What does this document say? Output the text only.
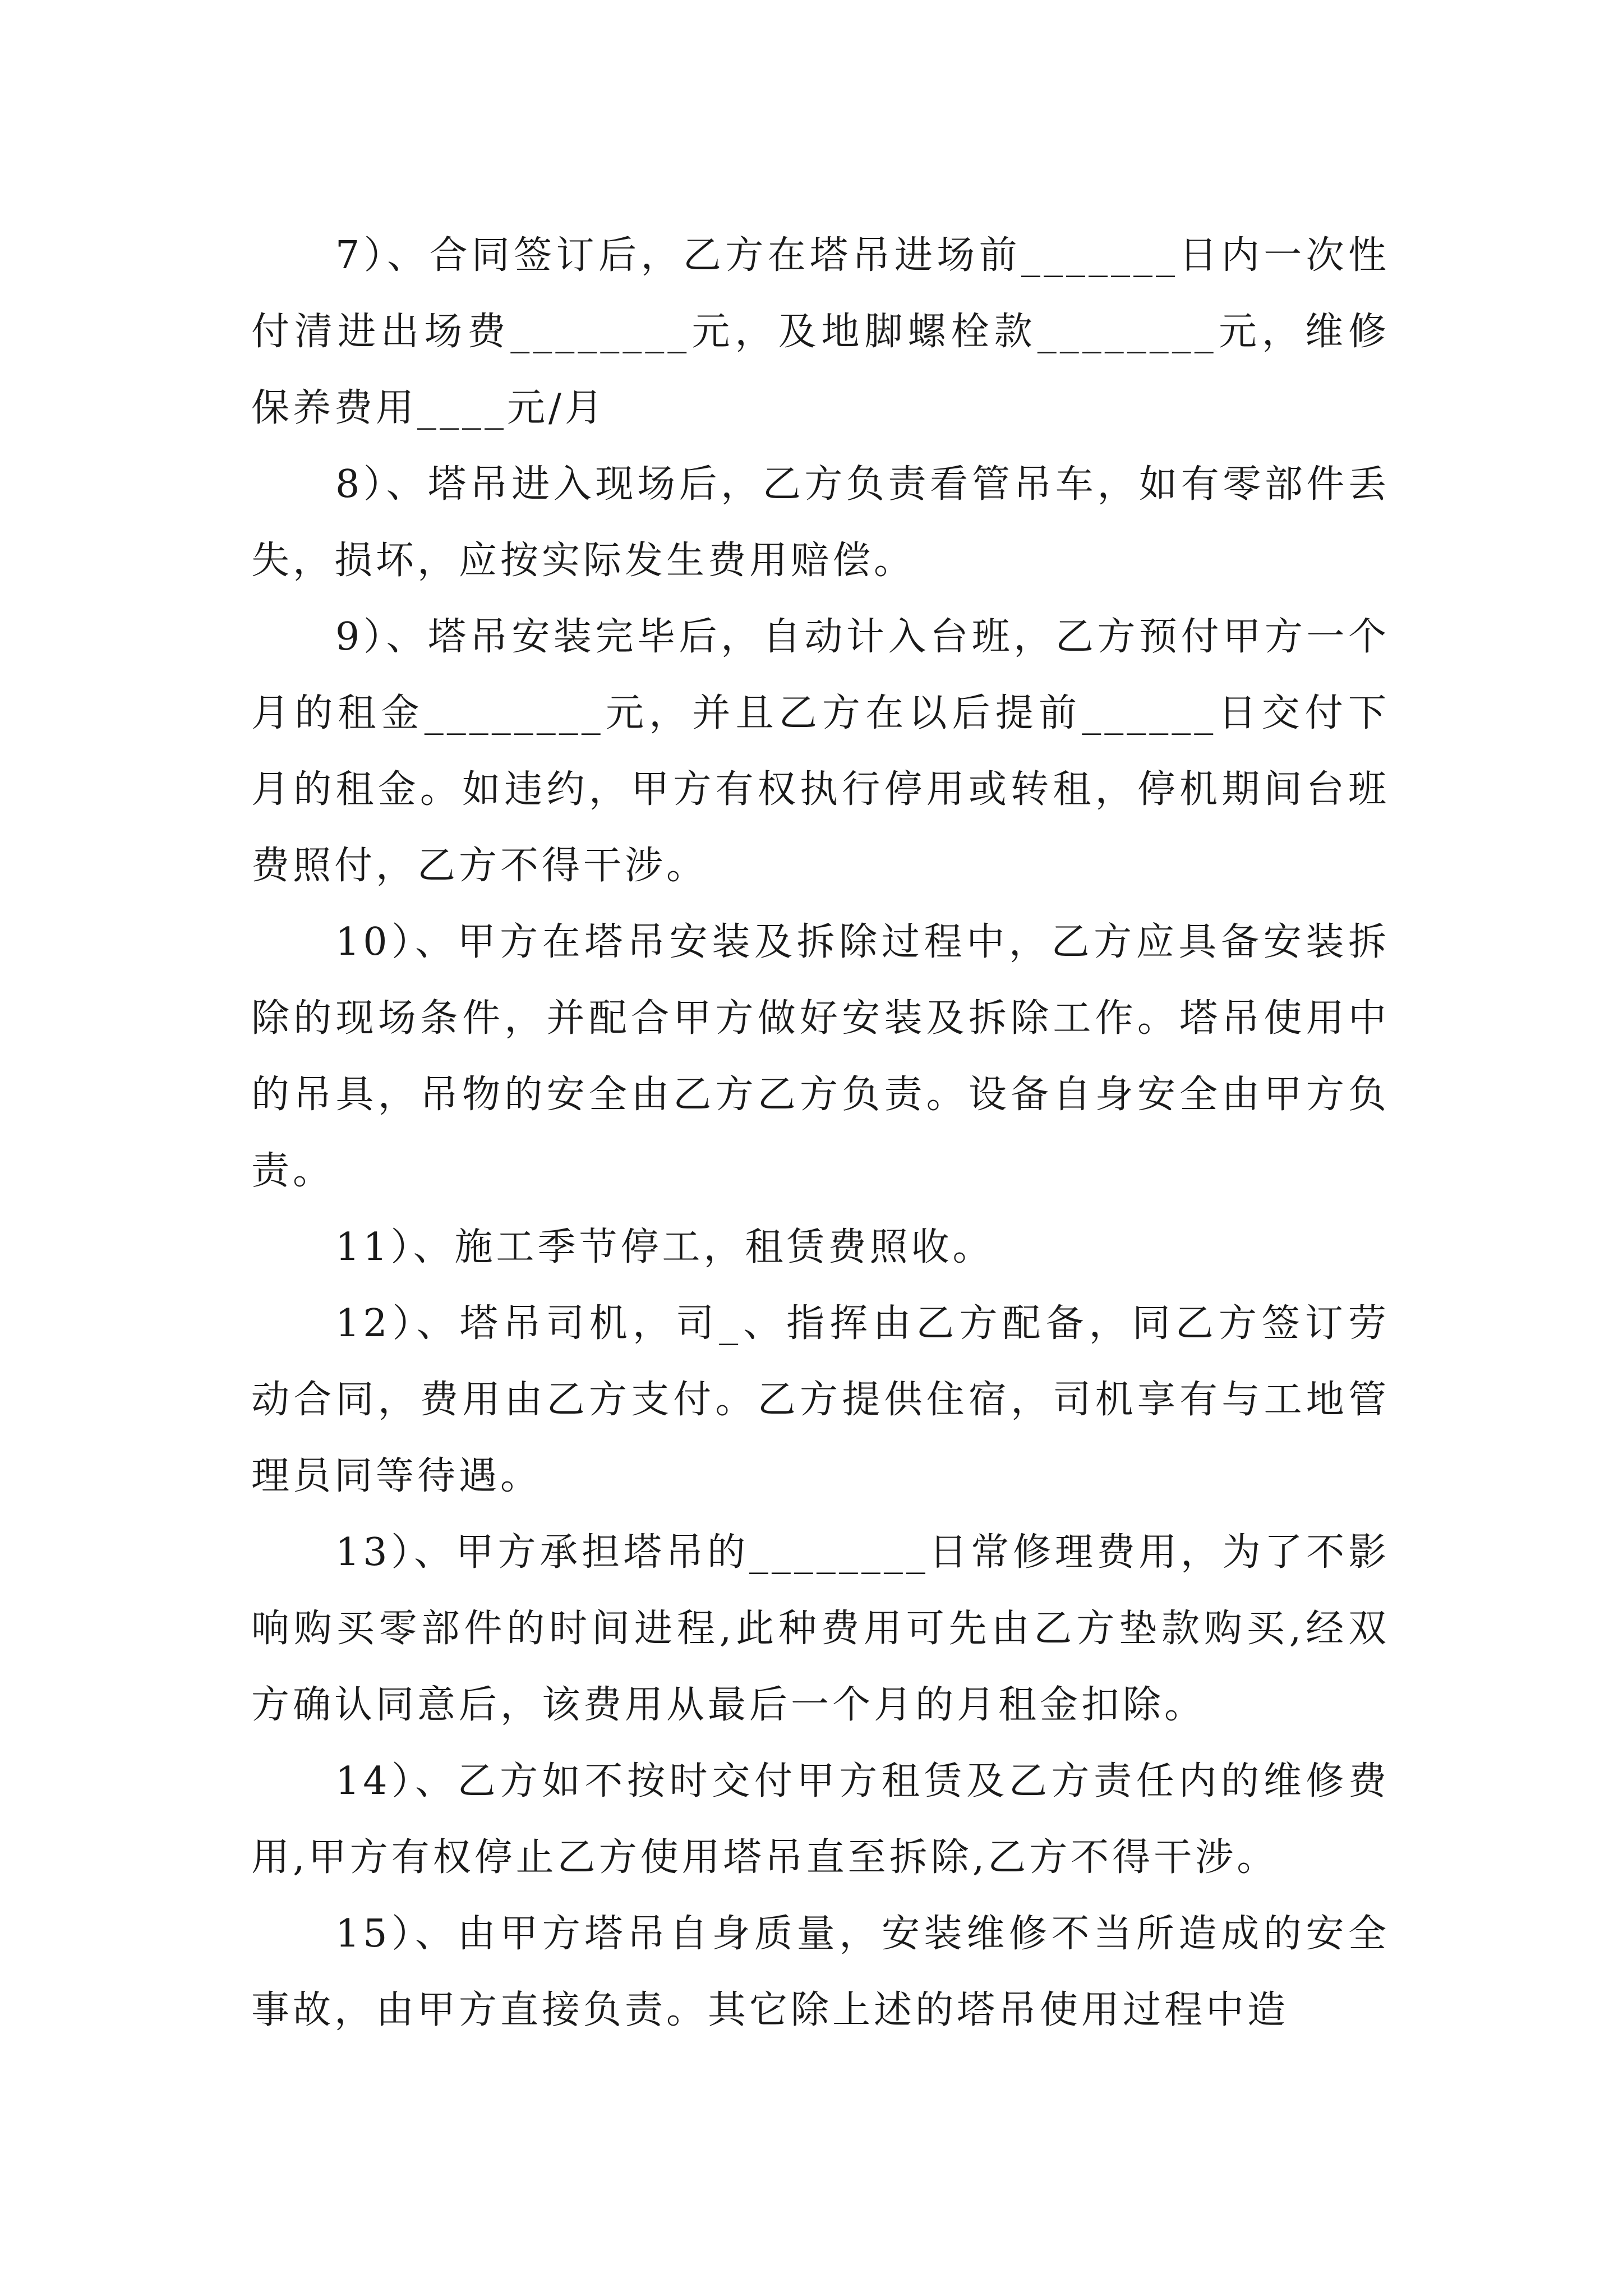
7）、合同签订后，乙方在塔吊进场前_______日内一次性付清进出场费________元，及地脚螺栓款________元，维修保养费用____元/月

8）、塔吊进入现场后，乙方负责看管吊车，如有零部件丢失，损坏，应按实际发生费用赔偿。

9）、塔吊安装完毕后，自动计入台班，乙方预付甲方一个月的租金________元，并且乙方在以后提前______日交付下月的租金。如违约，甲方有权执行停用或转租，停机期间台班费照付，乙方不得干涉。

10）、甲方在塔吊安装及拆除过程中，乙方应具备安装拆除的现场条件，并配合甲方做好安装及拆除工作。塔吊使用中的吊具，吊物的安全由乙方乙方负责。设备自身安全由甲方负责。

11）、施工季节停工，租赁费照收。

12）、塔吊司机，司_、指挥由乙方配备，同乙方签订劳动合同，费用由乙方支付。乙方提供住宿，司机享有与工地管理员同等待遇。

13）、甲方承担塔吊的________日常修理费用，为了不影响购买零部件的时间进程,此种费用可先由乙方垫款购买,经双方确认同意后，该费用从最后一个月的月租金扣除。

14）、乙方如不按时交付甲方租赁及乙方责任内的维修费用,甲方有权停止乙方使用塔吊直至拆除,乙方不得干涉。

15）、由甲方塔吊自身质量，安装维修不当所造成的安全事故，由甲方直接负责。其它除上述的塔吊使用过程中造
